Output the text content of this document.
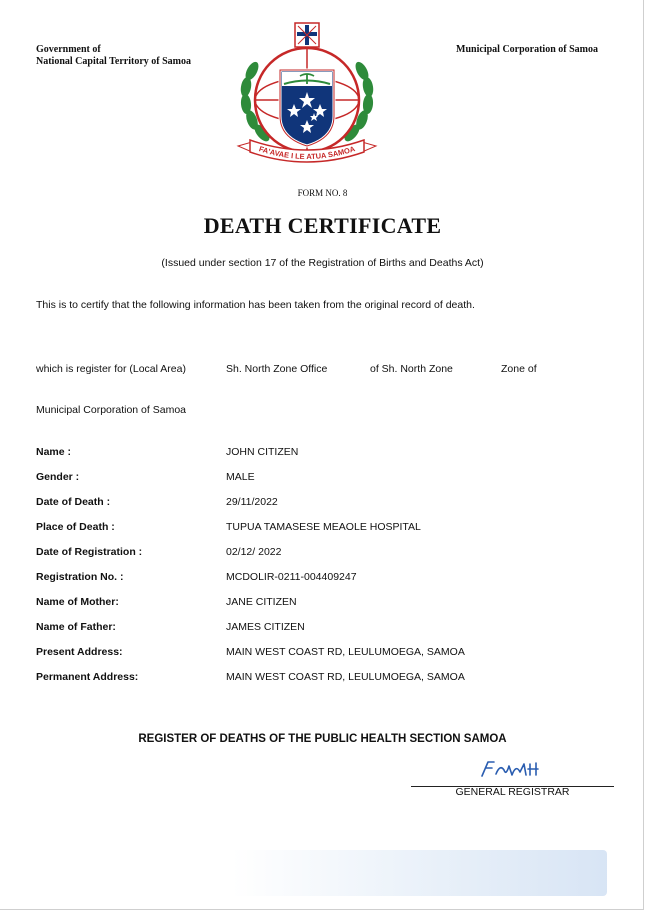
Government of
National Capital Territory of Samoa
Municipal Corporation of Samoa
FA'AVAE I LE ATUA SAMOA
FORM NO. 8
DEATH CERTIFICATE
(Issued under section 17 of the Registration of Births and Deaths Act)
This is to certify that the following information has been taken from the original record of death.
which is register for (Local Area)	Sh. North Zone Office	of Sh. North Zone	Zone of
Municipal Corporation of Samoa
Name :	JOHN CITIZEN
Gender :	MALE
Date of Death :	29/11/2022
Place of Death :	TUPUA TAMASESE MEAOLE HOSPITAL
Date of Registration :	02/12/ 2022
Registration No. :	MCDOLIR-0211-004409247
Name of Mother:	JANE CITIZEN
Name of Father:	JAMES CITIZEN
Present Address:	MAIN WEST COAST RD, LEULUMOEGA, SAMOA
Permanent Address:	MAIN WEST COAST RD, LEULUMOEGA, SAMOA
REGISTER OF DEATHS OF THE PUBLIC HEALTH SECTION SAMOA
GENERAL REGISTRAR
